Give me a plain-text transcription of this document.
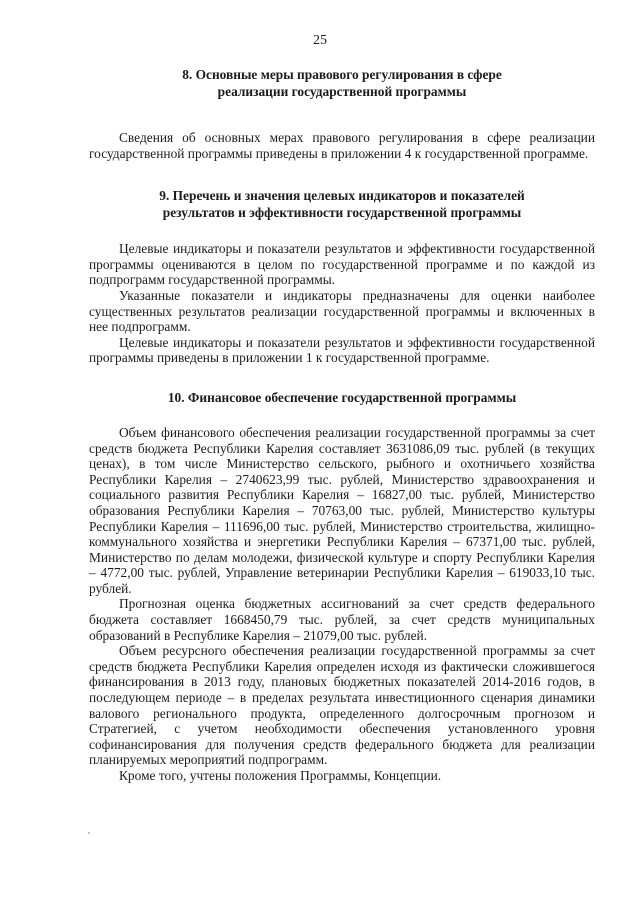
25
8. Основные меры правового регулирования в сфере
реализации государственной программы

Сведения об основных мерах правового регулирования в сфере реализации государственной программы приведены в приложении 4 к государственной программе.

9. Перечень и значения целевых индикаторов и показателей
результатов и эффективности государственной программы

Целевые индикаторы и показатели результатов и эффективности государственной программы оцениваются в целом по государственной программе и по каждой из подпрограмм государственной программы.

Указанные показатели и индикаторы предназначены для оценки наиболее существенных результатов реализации государственной программы и включенных в нее подпрограмм.

Целевые индикаторы и показатели результатов и эффективности государственной программы приведены в приложении 1 к государственной программе.

10. Финансовое обеспечение государственной программы

Объем финансового обеспечения реализации государственной программы за счет средств бюджета Республики Карелия составляет 3631086,09 тыс. рублей (в текущих ценах), в том числе Министерство сельского, рыбного и охотничьего хозяйства Республики Карелия – 2740623,99 тыс. рублей, Министерство здравоохранения и социального развития Республики Карелия – 16827,00 тыс. рублей, Министерство образования Республики Карелия – 70763,00 тыс. рублей, Министерство культуры Республики Карелия – 111696,00 тыс. рублей, Министерство строительства, жилищно-коммунального хозяйства и энергетики Республики Карелия – 67371,00 тыс. рублей, Министерство по делам молодежи, физической культуре и спорту Республики Карелия – 4772,00 тыс. рублей, Управление ветеринарии Республики Карелия – 619033,10 тыс. рублей.

Прогнозная оценка бюджетных ассигнований за счет средств федерального бюджета составляет 1668450,79 тыс. рублей, за счет средств муниципальных образований в Республике Карелия – 21079,00 тыс. рублей.

Объем ресурсного обеспечения реализации государственной программы за счет средств бюджета Республики Карелия определен исходя из фактически сложившегося финансирования в 2013 году, плановых бюджетных показателей 2014-2016 годов, в последующем периоде – в пределах результата инвестиционного сценария динамики валового регионального продукта, определенного долгосрочным прогнозом и Стратегией, с учетом необходимости обеспечения установленного уровня софинансирования для получения средств федерального бюджета для реализации планируемых мероприятий подпрограмм.

Кроме того, учтены положения Программы, Концепции.
